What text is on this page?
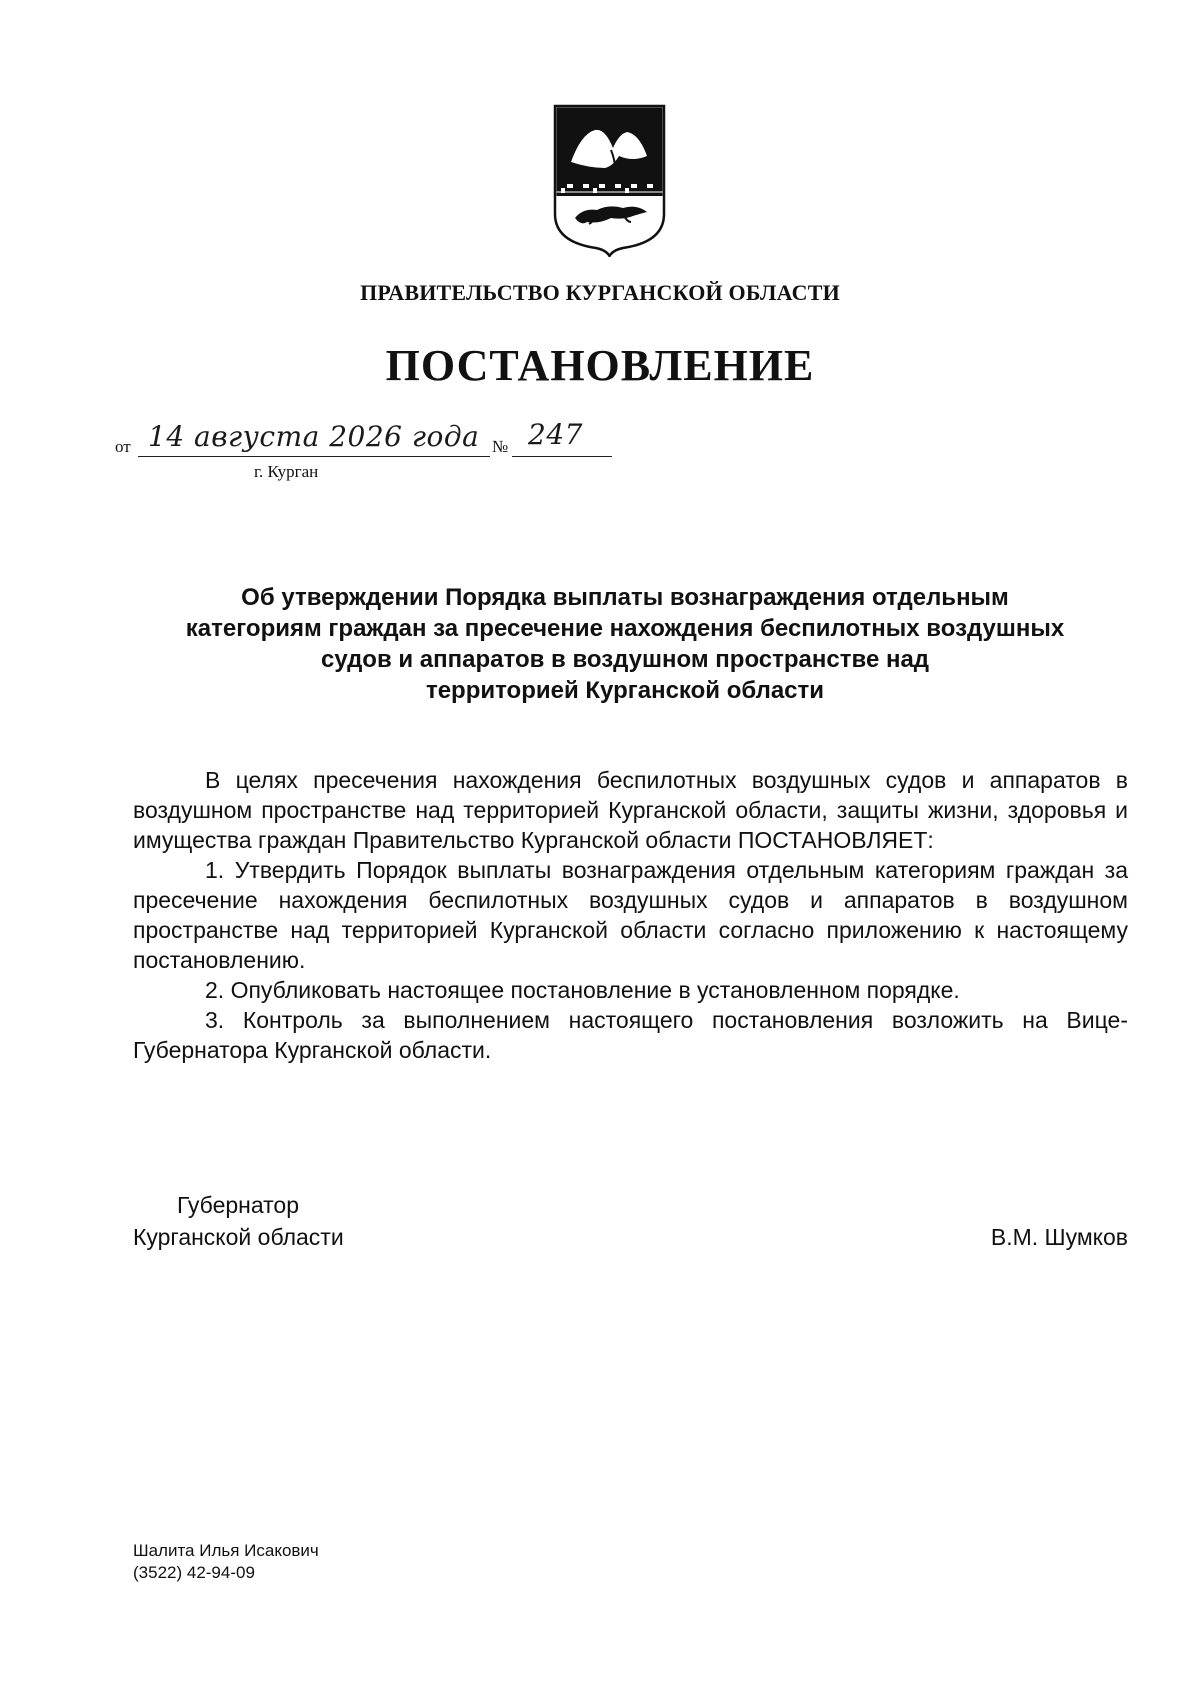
ПРАВИТЕЛЬСТВО КУРГАНСКОЙ ОБЛАСТИ
ПОСТАНОВЛЕНИЕ
от 14 августа 2026 года № 247
г. Курган
Об утверждении Порядка выплаты вознаграждения отдельным
категориям граждан за пресечение нахождения беспилотных воздушных
судов и аппаратов в воздушном пространстве над
территорией Курганской области

В целях пресечения нахождения беспилотных воздушных судов и аппаратов в воздушном пространстве над территорией Курганской области, защиты жизни, здоровья и имущества граждан Правительство Курганской области ПОСТАНОВЛЯЕТ:

1. Утвердить Порядок выплаты вознаграждения отдельным категориям граждан за пресечение нахождения беспилотных воздушных судов и аппаратов в воздушном пространстве над территорией Курганской области согласно приложению к настоящему постановлению.

2. Опубликовать настоящее постановление в установленном порядке.

3. Контроль за выполнением настоящего постановления возложить на Вице-Губернатора Курганской области.

Губернатор
Курганской области	В.М. Шумков
Шалита Илья Исакович
(3522) 42-94-09
